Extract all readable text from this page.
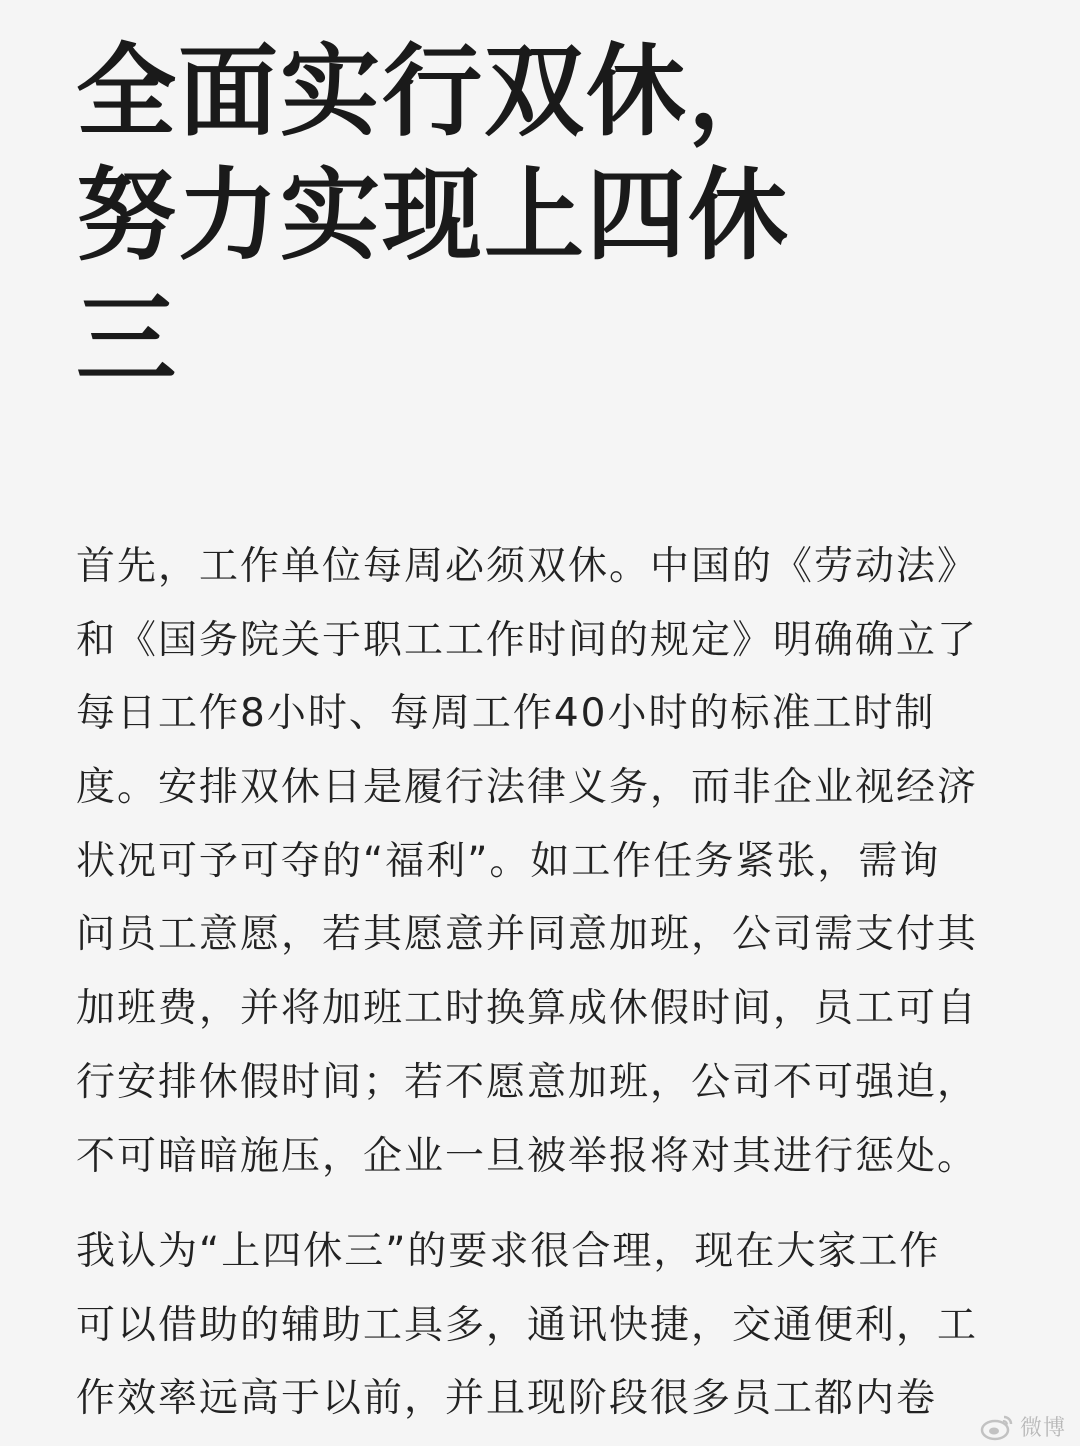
全面实行双休，
努力实现上四休
三
首先，工作单位每周必须双休。中国的《劳动法》
和《国务院关于职工工作时间的规定》明确确立了
每日工作8小时、每周工作40小时的标准工时制
度。安排双休日是履行法律义务，而非企业视经济
状况可予可夺的“福利”。如工作任务紧张，需询
问员工意愿，若其愿意并同意加班，公司需支付其
加班费，并将加班工时换算成休假时间，员工可自
行安排休假时间；若不愿意加班，公司不可强迫，
不可暗暗施压，企业一旦被举报将对其进行惩处。
我认为“上四休三”的要求很合理，现在大家工作
可以借助的辅助工具多，通讯快捷，交通便利，工
作效率远高于以前，并且现阶段很多员工都内卷
微博
